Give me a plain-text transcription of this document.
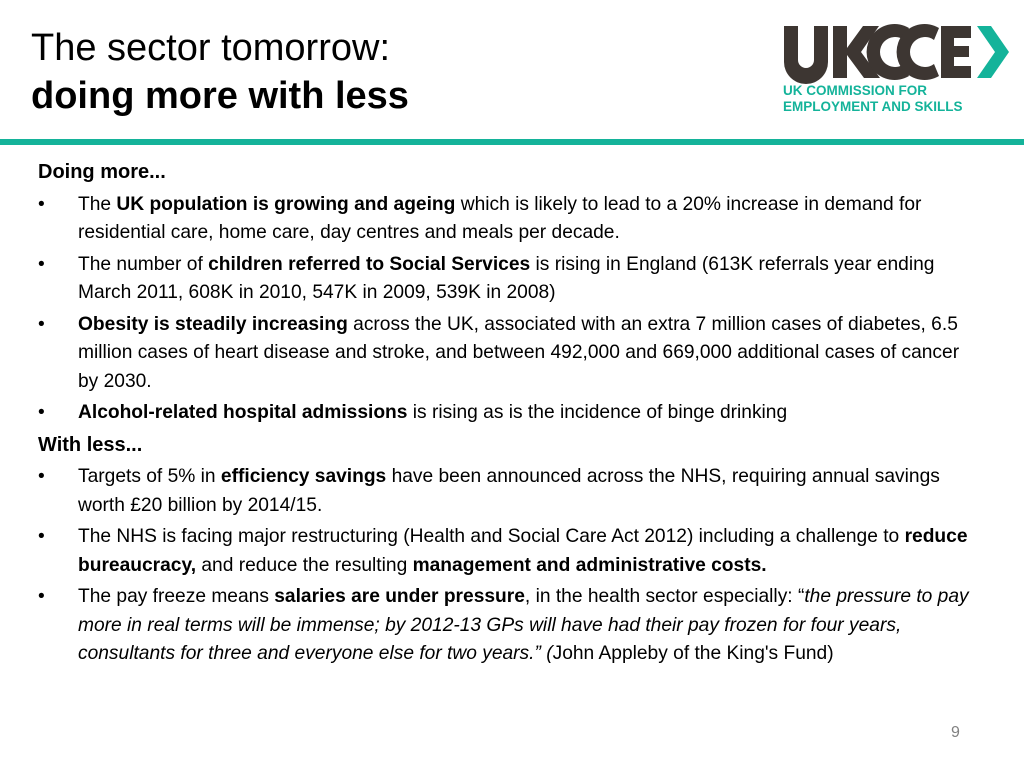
The sector tomorrow:
doing more with less	UK COMMISSION FOR
EMPLOYMENT AND SKILLS
Doing more...
• The UK population is growing and ageing which is likely to lead to a 20% increase in demand for residential care, home care, day centres and meals per decade.
• The number of children referred to Social Services is rising in England (613K referrals year ending March 2011, 608K in 2010, 547K in 2009, 539K in 2008)
• Obesity is steadily increasing across the UK, associated with an extra 7 million cases of diabetes, 6.5 million cases of heart disease and stroke, and between 492,000 and 669,000 additional cases of cancer by 2030.
• Alcohol-related hospital admissions is rising as is the incidence of binge drinking
With less...
• Targets of 5% in efficiency savings have been announced across the NHS, requiring annual savings worth £20 billion by 2014/15.
• The NHS is facing major restructuring (Health and Social Care Act 2012) including a challenge to reduce bureaucracy, and reduce the resulting management and administrative costs.
• The pay freeze means salaries are under pressure, in the health sector especially: “the pressure to pay more in real terms will be immense; by 2012-13 GPs will have had their pay frozen for four years, consultants for three and everyone else for two years.” (John Appleby of the King's Fund)
9
